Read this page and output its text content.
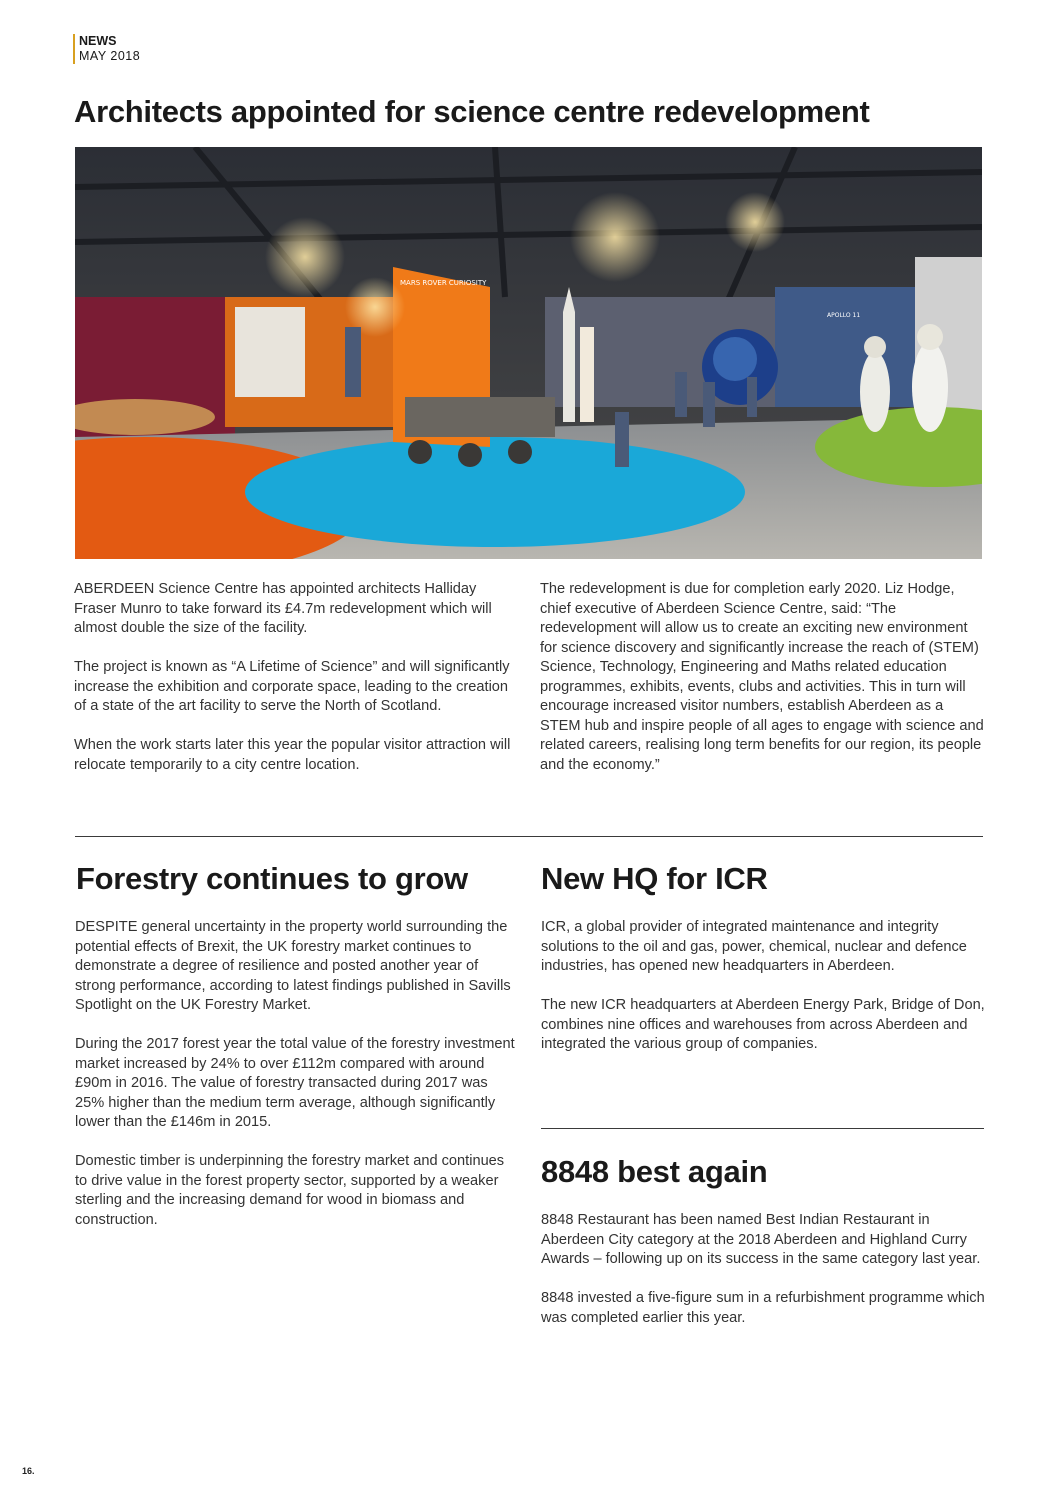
NEWS
MAY 2018
Architects appointed for science centre redevelopment
MARS ROVER CURIOSITY
APOLLO 11

ABERDEEN Science Centre has appointed architects Halliday Fraser Munro to take forward its £4.7m redevelopment which will almost double the size of the facility.

The project is known as “A Lifetime of Science” and will significantly increase the exhibition and corporate space, leading to the creation of a state of the art facility to serve the North of Scotland.

When the work starts later this year the popular visitor attraction will relocate temporarily to a city centre location.

The redevelopment is due for completion early 2020. Liz Hodge, chief executive of Aberdeen Science Centre, said: “The redevelopment will allow us to create an exciting new environment for science discovery and significantly increase the reach of (STEM) Science, Technology, Engineering and Maths related education programmes, exhibits, events, clubs and activities. This in turn will encourage increased visitor numbers, establish Aberdeen as a STEM hub and inspire people of all ages to engage with science and related careers, realising long term benefits for our region, its people and the economy.”

Forestry continues to grow

DESPITE general uncertainty in the property world surrounding the potential effects of Brexit, the UK forestry market continues to demonstrate a degree of resilience and posted another year of strong performance, according to latest findings published in Savills Spotlight on the UK Forestry Market.

During the 2017 forest year the total value of the forestry investment market increased by 24% to over £112m compared with around £90m in 2016. The value of forestry transacted during 2017 was 25% higher than the medium term average, although significantly lower than the £146m in 2015.

Domestic timber is underpinning the forestry market and continues to drive value in the forest property sector, supported by a weaker sterling and the increasing demand for wood in biomass and construction.

New HQ for ICR

ICR, a global provider of integrated maintenance and integrity solutions to the oil and gas, power, chemical, nuclear and defence industries, has opened new headquarters in Aberdeen.

The new ICR headquarters at Aberdeen Energy Park, Bridge of Don, combines nine offices and warehouses from across Aberdeen and integrated the various group of companies.

8848 best again

8848 Restaurant has been named Best Indian Restaurant in Aberdeen City category at the 2018 Aberdeen and Highland Curry Awards – following up on its success in the same category last year.

8848 invested a five-figure sum in a refurbishment programme which was completed earlier this year.

16.
